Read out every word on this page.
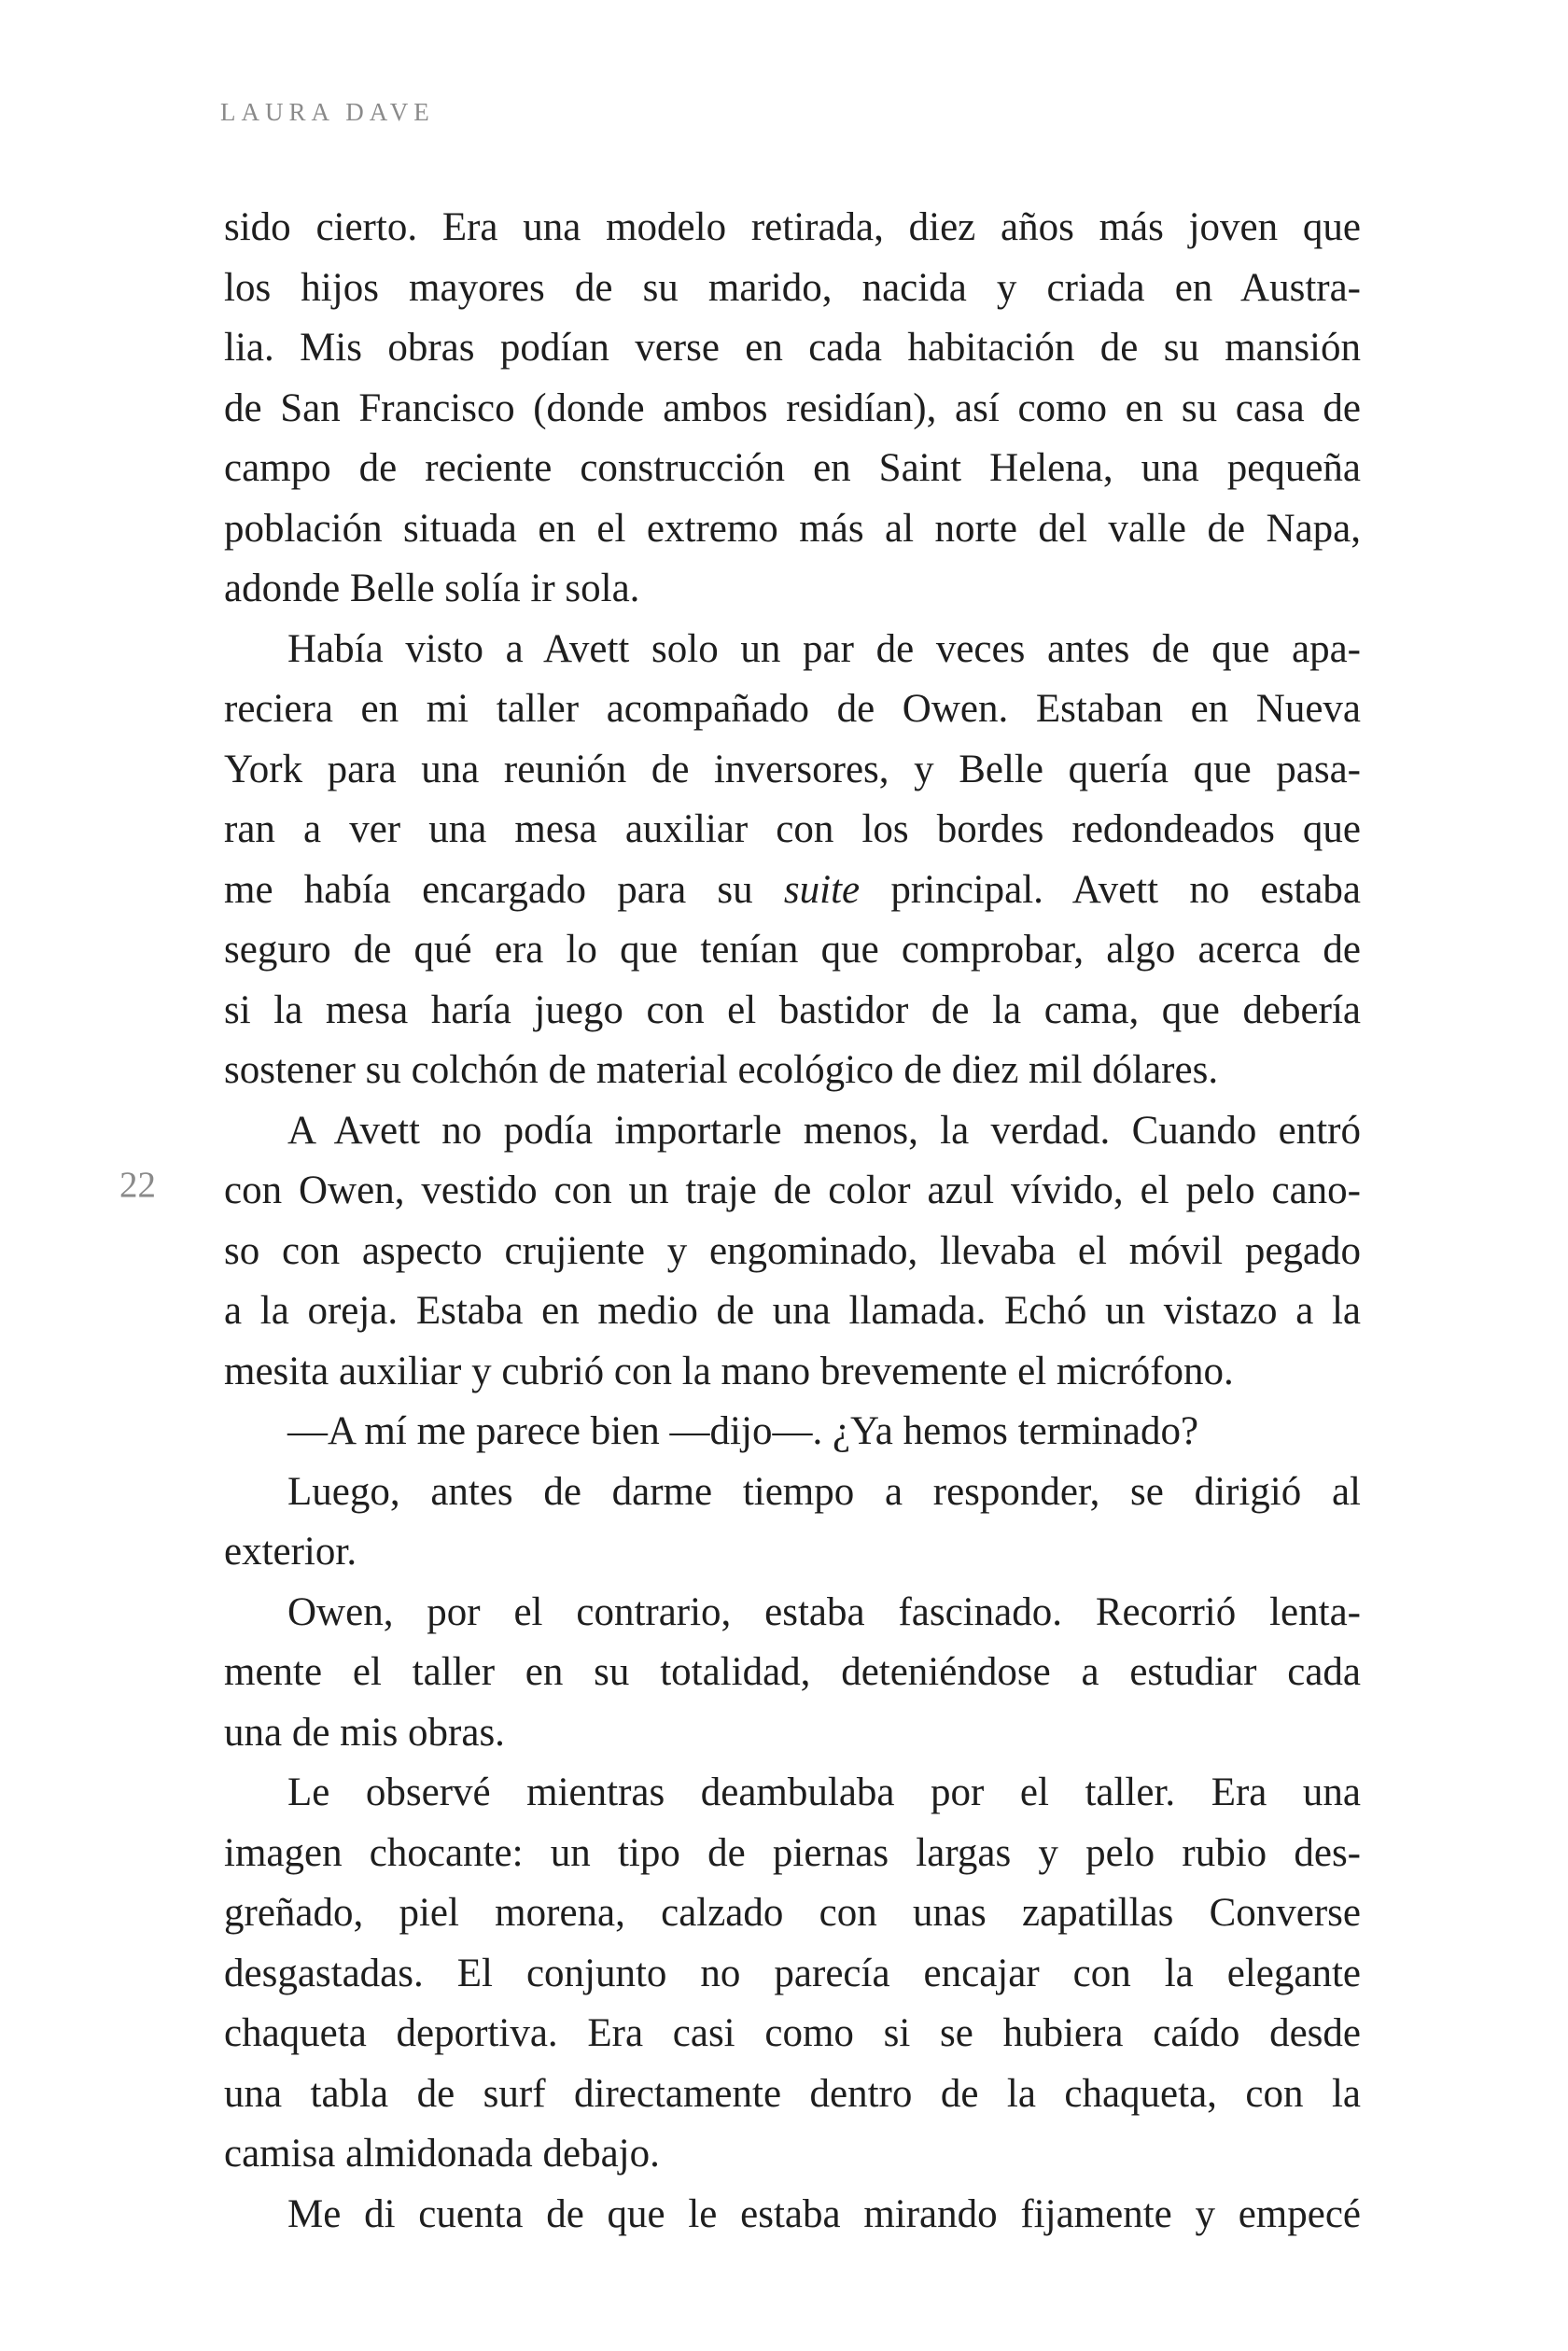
LAURA DAVE
22
sido cierto. Era una modelo retirada, diez años más joven que
los hijos mayores de su marido, nacida y criada en Austra-
lia. Mis obras podían verse en cada habitación de su mansión
de San Francisco (donde ambos residían), así como en su casa de
campo de reciente construcción en Saint Helena, una pequeña
población situada en el extremo más al norte del valle de Napa,
adonde Belle solía ir sola.
Había visto a Avett solo un par de veces antes de que apa-
reciera en mi taller acompañado de Owen. Estaban en Nueva
York para una reunión de inversores, y Belle quería que pasa-
ran a ver una mesa auxiliar con los bordes redondeados que
me había encargado para su suite principal. Avett no estaba
seguro de qué era lo que tenían que comprobar, algo acerca de
si la mesa haría juego con el bastidor de la cama, que debería
sostener su colchón de material ecológico de diez mil dólares.
A Avett no podía importarle menos, la verdad. Cuando entró
con Owen, vestido con un traje de color azul vívido, el pelo cano-
so con aspecto crujiente y engominado, llevaba el móvil pegado
a la oreja. Estaba en medio de una llamada. Echó un vistazo a la
mesita auxiliar y cubrió con la mano brevemente el micrófono.
—A mí me parece bien —dijo—. ¿Ya hemos terminado?
Luego, antes de darme tiempo a responder, se dirigió al
exterior.
Owen, por el contrario, estaba fascinado. Recorrió lenta-
mente el taller en su totalidad, deteniéndose a estudiar cada
una de mis obras.
Le observé mientras deambulaba por el taller. Era una
imagen chocante: un tipo de piernas largas y pelo rubio des-
greñado, piel morena, calzado con unas zapatillas Converse
desgastadas. El conjunto no parecía encajar con la elegante
chaqueta deportiva. Era casi como si se hubiera caído desde
una tabla de surf directamente dentro de la chaqueta, con la
camisa almidonada debajo.
Me di cuenta de que le estaba mirando fijamente y empecé
